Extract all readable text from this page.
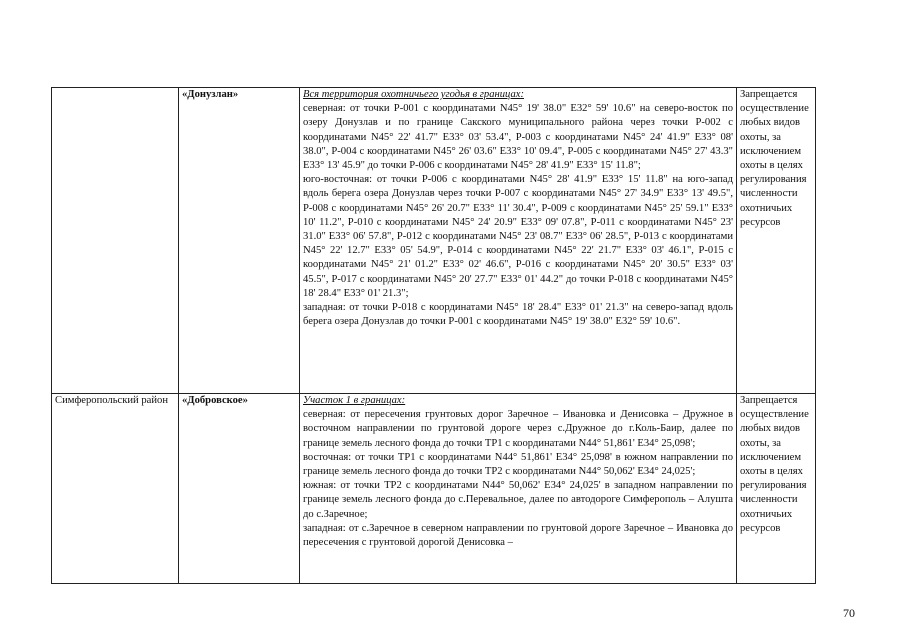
	«Донузлан»	Вся территория охотничьего угодья в границах:
северная: от точки Р-001 с координатами N45° 19' 38.0" E32° 59' 10.6" на северо-восток по озеру Донузлав и по границе Сакского муниципального района через точки Р-002 с координатами N45° 22' 41.7" E33° 03' 53.4", Р-003 с координатами N45° 24' 41.9" E33° 08' 38.0", Р-004 с координатами N45° 26' 03.6" E33° 10' 09.4", Р-005 с координатами N45° 27' 43.3" E33° 13' 45.9" до точки Р-006 с координатами N45° 28' 41.9" E33° 15' 11.8";
юго-восточная: от точки Р-006 с координатами N45° 28' 41.9" E33° 15' 11.8" на юго-запад вдоль берега озера Донузлав через точки Р-007 с координатами N45° 27' 34.9" E33° 13' 49.5", Р-008 с координатами N45° 26' 20.7" E33° 11' 30.4", Р-009 с координатами N45° 25' 59.1" E33° 10' 11.2", Р-010 с координатами N45° 24' 20.9" E33° 09' 07.8", Р-011 с координатами N45° 23' 31.0" E33° 06' 57.8", Р-012 с координатами N45° 23' 08.7" E33° 06' 28.5", Р-013 с координатами N45° 22' 12.7" E33° 05' 54.9", Р-014 с координатами N45° 22' 21.7" E33° 03' 46.1", Р-015 с координатами N45° 21' 01.2" E33° 02' 46.6", Р-016 с координатами N45° 20' 30.5" E33° 03' 45.5", Р-017 с координатами N45° 20' 27.7" E33° 01' 44.2" до точки Р-018 с координатами N45° 18' 28.4" E33° 01' 21.3";
западная: от точки Р-018 с координатами N45° 18' 28.4" E33° 01' 21.3" на северо-запад вдоль берега озера Донузлав до точки Р-001 с координатами N45° 19' 38.0" E32° 59' 10.6".	Запрещается осуществление любых видов охоты, за исключением охоты в целях регулирования численности охотничьих ресурсов
Симферопольский район	«Добровское»	Участок 1 в границах:
северная: от пересечения грунтовых дорог Заречное – Ивановка и Денисовка – Дружное в восточном направлении по грунтовой дороге через с.Дружное до г.Коль-Баир, далее по границе земель лесного фонда до точки ТР1 с координатами N44° 51,861' E34° 25,098';
восточная: от точки ТР1 с координатами N44° 51,861' E34° 25,098' в южном направлении по границе земель лесного фонда до точки ТР2 с координатами N44° 50,062' E34° 24,025';
южная: от точки ТР2 с координатами N44° 50,062' E34° 24,025' в западном направлении по границе земель лесного фонда до с.Перевальное, далее по автодороге Симферополь – Алушта до с.Заречное;
западная: от с.Заречное в северном направлении по грунтовой дороге Заречное – Ивановка до пересечения с грунтовой дорогой Денисовка –	Запрещается осуществление любых видов охоты, за исключением охоты в целях регулирования численности охотничьих ресурсов
70
